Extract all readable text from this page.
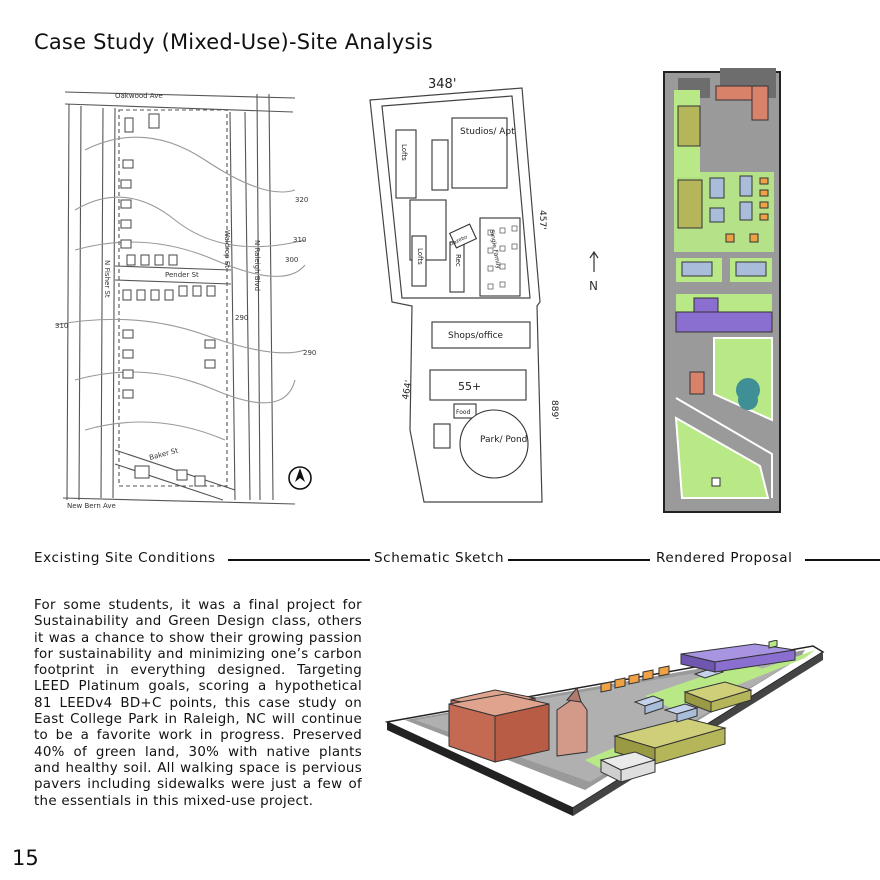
Case Study (Mixed-Use)-Site Analysis
Oakwood Ave
New Bern Ave
Pender St
Baker St
N Fisher St
Waldrop St	N Raleigh Blvd
320
310
300
310
290
290
348'
457'
464'
889'
Studios/ Apt
Lofts
Lofts	Rec	Single Family
Gazebo
Shops/office
55+
Food
Park/ Pond
N
Excisting Site Conditions	Schematic Sketch	Rendered Proposal
For some students, it was a final project for Sustainability and Green Design class, others it was a chance to show their growing passion for sustainability and minimizing one’s carbon footprint in everything designed. Targeting LEED Platinum goals, scoring a hypothetical 81 LEEDv4 BD+C points, this case study on East College Park in Raleigh, NC will continue to be a favorite work in progress. Preserved 40% of green land, 30% with native plants and healthy soil. All walking space is pervious pavers including sidewalks were just a few of the essentials in this mixed-use project.
15
